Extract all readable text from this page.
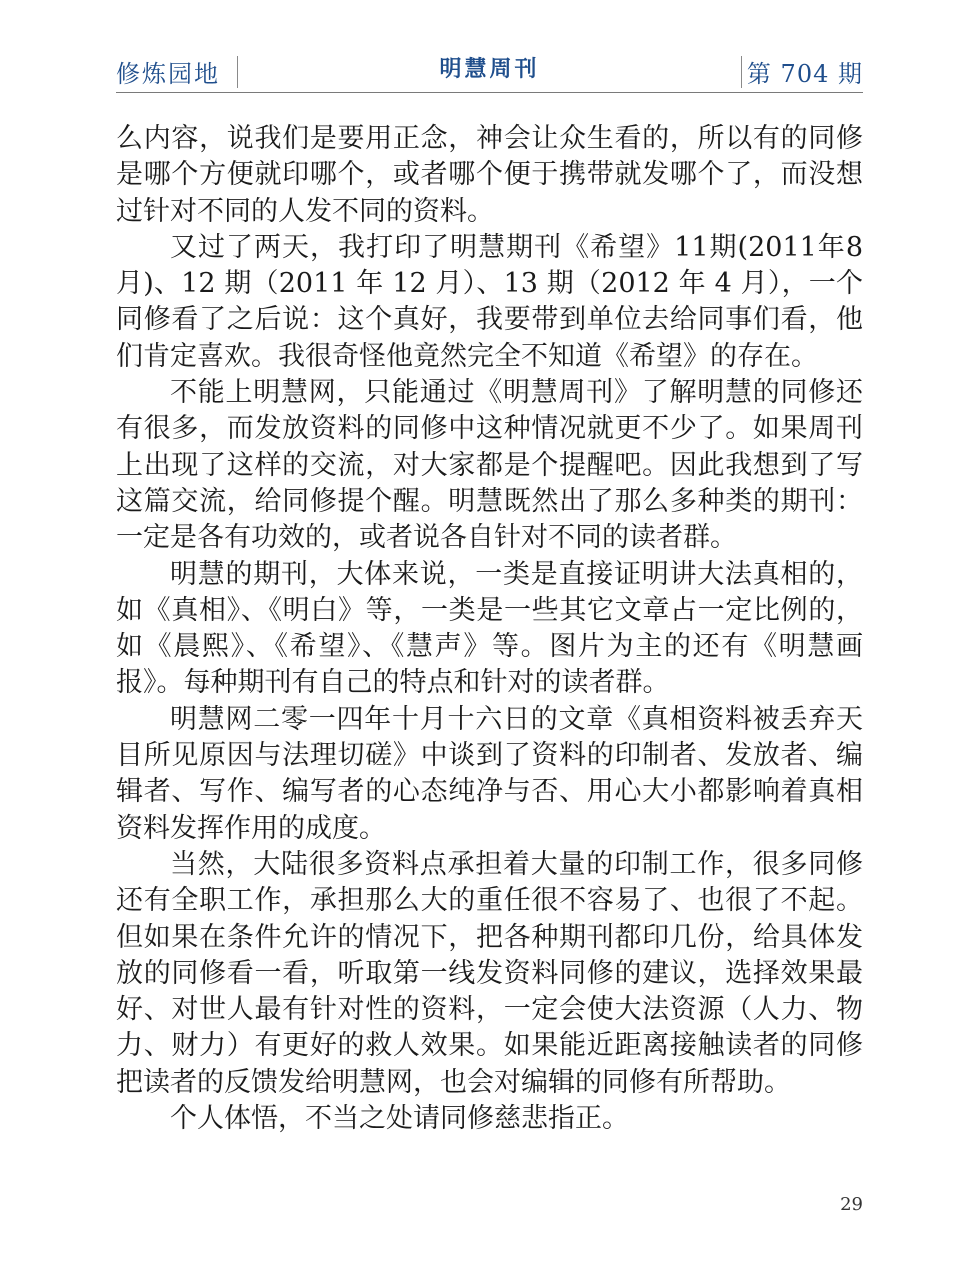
修炼园地	明慧周刊	第 704 期

么内容，说我们是要用正念，神会让众生看的，所以有的同修是哪个方便就印哪个，或者哪个便于携带就发哪个了，而没想过针对不同的人发不同的资料。

又过了两天，我打印了明慧期刊《希望》11期(2011年8月)、12 期（2011 年 12 月）、13 期（2012 年 4 月），一个同修看了之后说：这个真好，我要带到单位去给同事们看，他们肯定喜欢。我很奇怪他竟然完全不知道《希望》的存在。

不能上明慧网，只能通过《明慧周刊》了解明慧的同修还有很多，而发放资料的同修中这种情况就更不少了。如果周刊上出现了这样的交流，对大家都是个提醒吧。因此我想到了写这篇交流，给同修提个醒。明慧既然出了那么多种类的期刊：一定是各有功效的，或者说各自针对不同的读者群。

明慧的期刊，大体来说，一类是直接证明讲大法真相的，如《真相》、《明白》等，一类是一些其它文章占一定比例的，如《晨熙》、《希望》、《慧声》等。图片为主的还有《明慧画报》。每种期刊有自己的特点和针对的读者群。

明慧网二零一四年十月十六日的文章《真相资料被丢弃天目所见原因与法理切磋》中谈到了资料的印制者、发放者、编辑者、写作、编写者的心态纯净与否、用心大小都影响着真相资料发挥作用的成度。

当然，大陆很多资料点承担着大量的印制工作，很多同修还有全职工作，承担那么大的重任很不容易了、也很了不起。但如果在条件允许的情况下，把各种期刊都印几份，给具体发放的同修看一看，听取第一线发资料同修的建议，选择效果最好、对世人最有针对性的资料，一定会使大法资源（人力、物力、财力）有更好的救人效果。如果能近距离接触读者的同修把读者的反馈发给明慧网，也会对编辑的同修有所帮助。

个人体悟，不当之处请同修慈悲指正。

29
